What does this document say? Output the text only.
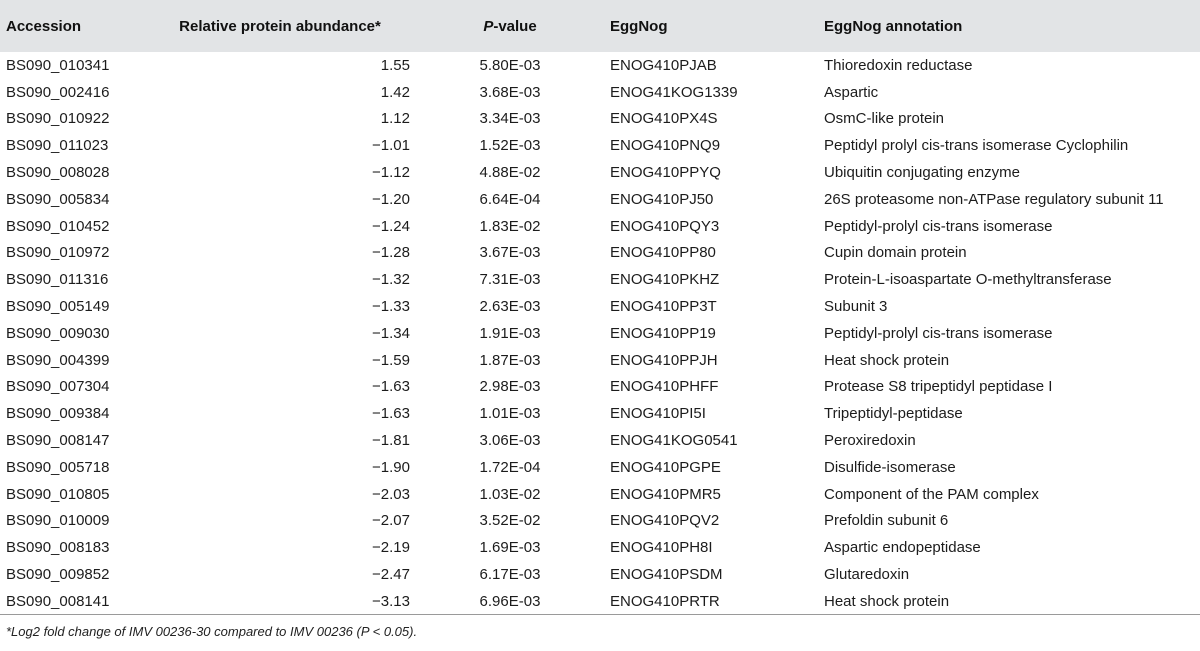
Accession	Relative protein abundance*	P-value	EggNog	EggNog annotation
BS090_010341	1.55	5.80E-03	ENOG410PJAB	Thioredoxin reductase
BS090_002416	1.42	3.68E-03	ENOG41KOG1339	Aspartic
BS090_010922	1.12	3.34E-03	ENOG410PX4S	OsmC-like protein
BS090_011023	−1.01	1.52E-03	ENOG410PNQ9	Peptidyl prolyl cis-trans isomerase Cyclophilin
BS090_008028	−1.12	4.88E-02	ENOG410PPYQ	Ubiquitin conjugating enzyme
BS090_005834	−1.20	6.64E-04	ENOG410PJ50	26S proteasome non-ATPase regulatory subunit 11
BS090_010452	−1.24	1.83E-02	ENOG410PQY3	Peptidyl-prolyl cis-trans isomerase
BS090_010972	−1.28	3.67E-03	ENOG410PP80	Cupin domain protein
BS090_011316	−1.32	7.31E-03	ENOG410PKHZ	Protein-L-isoaspartate O-methyltransferase
BS090_005149	−1.33	2.63E-03	ENOG410PP3T	Subunit 3
BS090_009030	−1.34	1.91E-03	ENOG410PP19	Peptidyl-prolyl cis-trans isomerase
BS090_004399	−1.59	1.87E-03	ENOG410PPJH	Heat shock protein
BS090_007304	−1.63	2.98E-03	ENOG410PHFF	Protease S8 tripeptidyl peptidase I
BS090_009384	−1.63	1.01E-03	ENOG410PI5I	Tripeptidyl-peptidase
BS090_008147	−1.81	3.06E-03	ENOG41KOG0541	Peroxiredoxin
BS090_005718	−1.90	1.72E-04	ENOG410PGPE	Disulfide-isomerase
BS090_010805	−2.03	1.03E-02	ENOG410PMR5	Component of the PAM complex
BS090_010009	−2.07	3.52E-02	ENOG410PQV2	Prefoldin subunit 6
BS090_008183	−2.19	1.69E-03	ENOG410PH8I	Aspartic endopeptidase
BS090_009852	−2.47	6.17E-03	ENOG410PSDM	Glutaredoxin
BS090_008141	−3.13	6.96E-03	ENOG410PRTR	Heat shock protein
*Log2 fold change of IMV 00236-30 compared to IMV 00236 (P < 0.05).
